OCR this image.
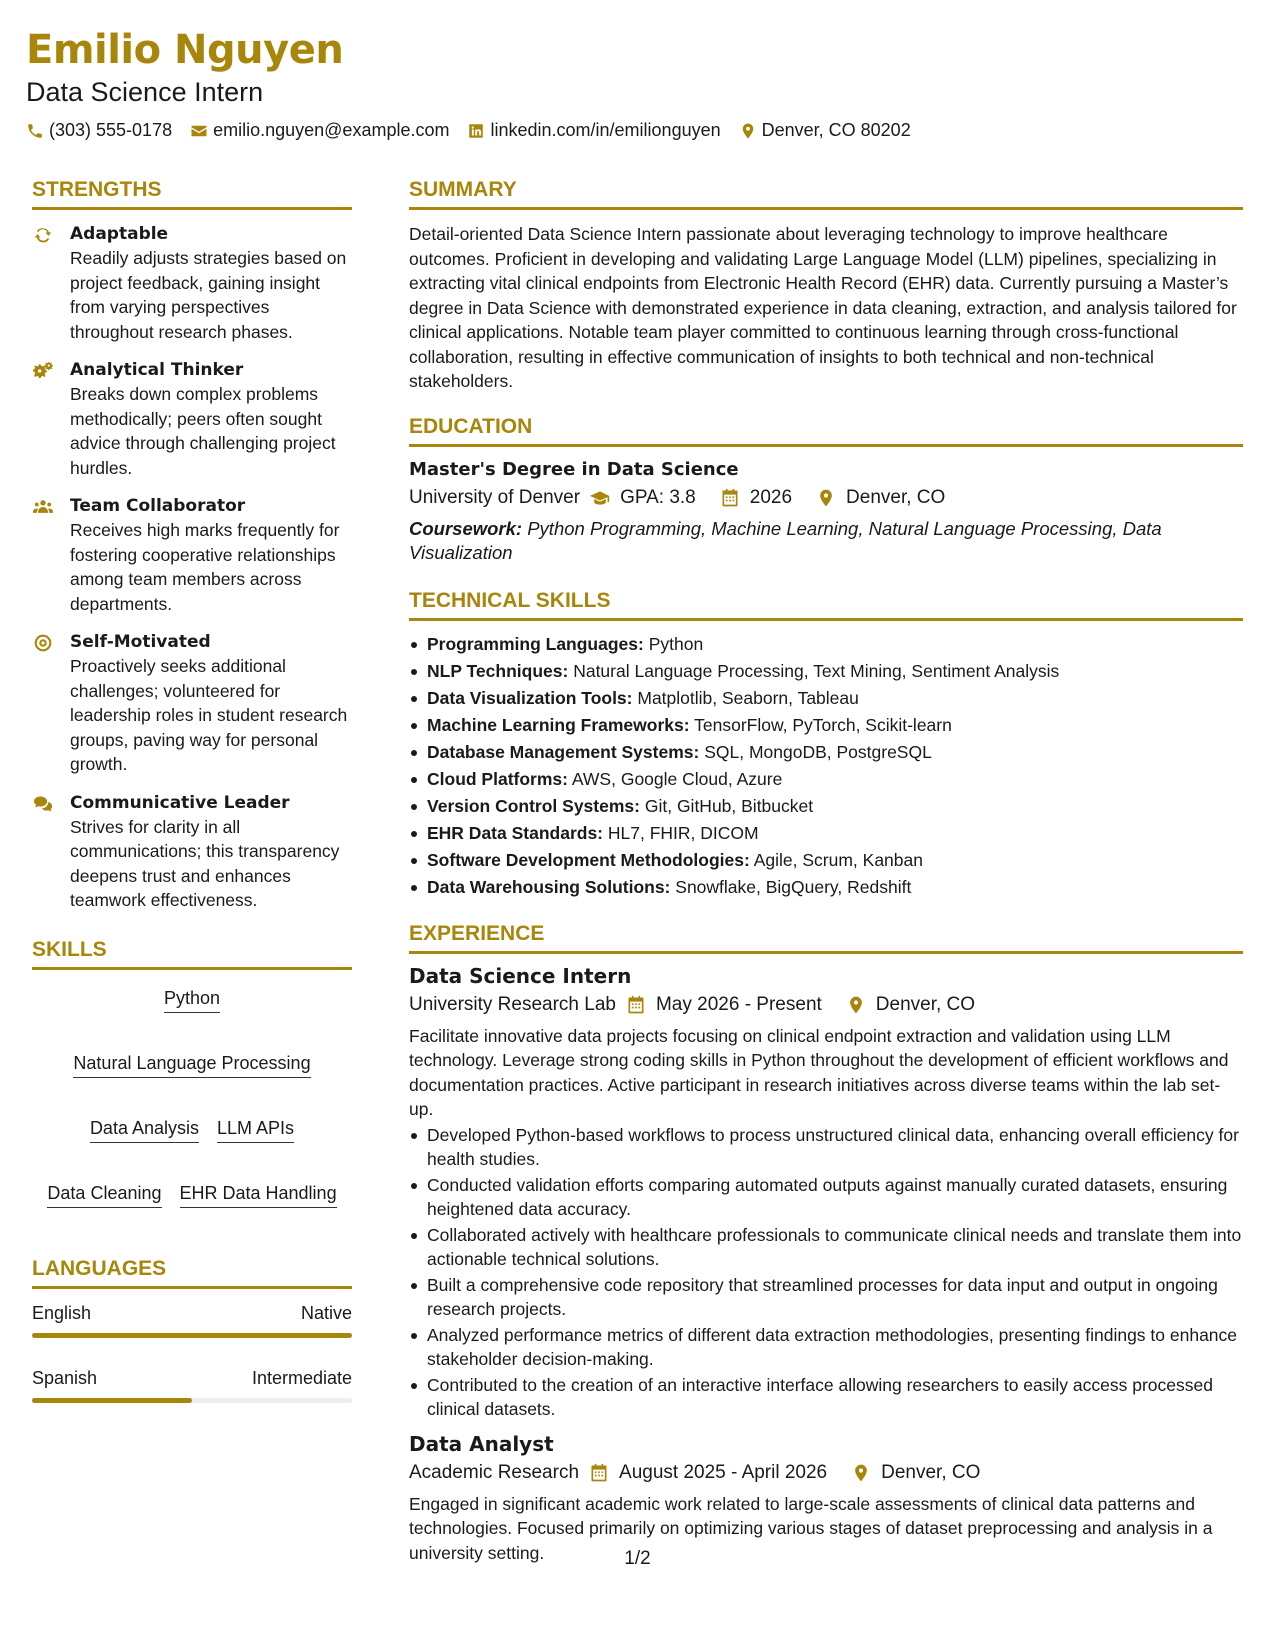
Emilio Nguyen
Data Science Intern
(303) 555-0178 emilio.nguyen@example.com linkedin.com/in/emilionguyen Denver, CO 80202
STRENGTHS
Adaptable
Readily adjusts strategies based on project feedback, gaining insight from varying perspectives throughout research phases.
Analytical Thinker
Breaks down complex problems methodically; peers often sought advice through challenging project hurdles.
Team Collaborator
Receives high marks frequently for fostering cooperative relationships among team members across departments.
Self-Motivated
Proactively seeks additional challenges; volunteered for leadership roles in student research groups, paving way for personal growth.
Communicative Leader
Strives for clarity in all communications; this transparency deepens trust and enhances teamwork effectiveness.
SKILLS
Python
Natural Language Processing
Data Analysis LLM APIs
Data Cleaning EHR Data Handling
LANGUAGES
English	Native
Spanish	Intermediate
SUMMARY
Detail-oriented Data Science Intern passionate about leveraging technology to improve healthcare outcomes. Proficient in developing and validating Large Language Model (LLM) pipelines, specializing in extracting vital clinical endpoints from Electronic Health Record (EHR) data. Currently pursuing a Master’s degree in Data Science with demonstrated experience in data cleaning, extraction, and analysis tailored for clinical applications. Notable team player committed to continuous learning through cross-functional collaboration, resulting in effective communication of insights to both technical and non-technical stakeholders.
EDUCATION
Master's Degree in Data Science
University of Denver GPA: 3.8	2026	Denver, CO
Coursework: Python Programming, Machine Learning, Natural Language Processing, Data Visualization
TECHNICAL SKILLS
Programming Languages: Python
NLP Techniques: Natural Language Processing, Text Mining, Sentiment Analysis
Data Visualization Tools: Matplotlib, Seaborn, Tableau
Machine Learning Frameworks: TensorFlow, PyTorch, Scikit-learn
Database Management Systems: SQL, MongoDB, PostgreSQL
Cloud Platforms: AWS, Google Cloud, Azure
Version Control Systems: Git, GitHub, Bitbucket
EHR Data Standards: HL7, FHIR, DICOM
Software Development Methodologies: Agile, Scrum, Kanban
Data Warehousing Solutions: Snowflake, BigQuery, Redshift
EXPERIENCE
Data Science Intern
University Research Lab May 2026 - Present	Denver, CO
Facilitate innovative data projects focusing on clinical endpoint extraction and validation using LLM technology. Leverage strong coding skills in Python throughout the development of efficient workflows and documentation practices. Active participant in research initiatives across diverse teams within the lab set-up.
Developed Python-based workflows to process unstructured clinical data, enhancing overall efficiency for health studies.
Conducted validation efforts comparing automated outputs against manually curated datasets, ensuring heightened data accuracy.
Collaborated actively with healthcare professionals to communicate clinical needs and translate them into actionable technical solutions.
Built a comprehensive code repository that streamlined processes for data input and output in ongoing research projects.
Analyzed performance metrics of different data extraction methodologies, presenting findings to enhance stakeholder decision-making.
Contributed to the creation of an interactive interface allowing researchers to easily access processed clinical datasets.
Data Analyst
Academic Research August 2025 - April 2026	Denver, CO
Engaged in significant academic work related to large-scale assessments of clinical data patterns and technologies. Focused primarily on optimizing various stages of dataset preprocessing and analysis in a university setting.	1/2
